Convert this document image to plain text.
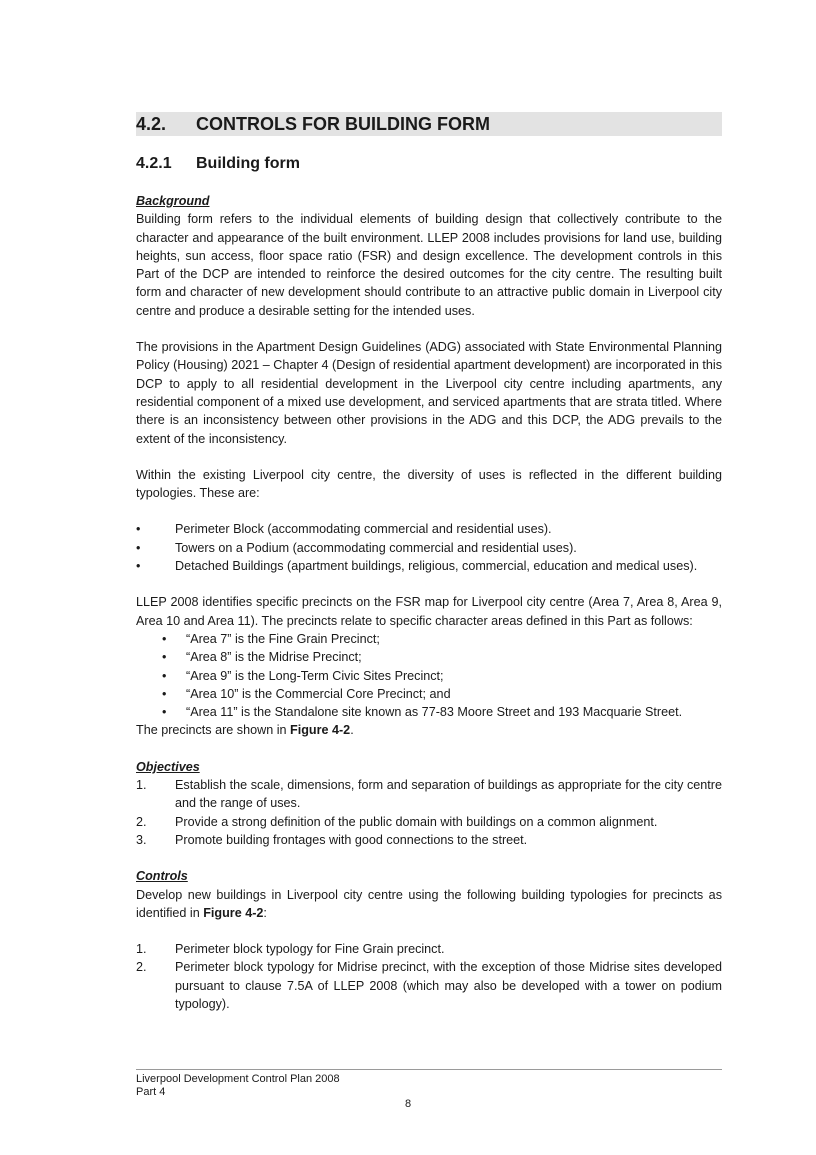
4.2. CONTROLS FOR BUILDING FORM
4.2.1 Building form
Background

Building form refers to the individual elements of building design that collectively contribute to the character and appearance of the built environment. LLEP 2008 includes provisions for land use, building heights, sun access, floor space ratio (FSR) and design excellence. The development controls in this Part of the DCP are intended to reinforce the desired outcomes for the city centre. The resulting built form and character of new development should contribute to an attractive public domain in Liverpool city centre and produce a desirable setting for the intended uses.

The provisions in the Apartment Design Guidelines (ADG) associated with State Environmental Planning Policy (Housing) 2021 – Chapter 4 (Design of residential apartment development) are incorporated in this DCP to apply to all residential development in the Liverpool city centre including apartments, any residential component of a mixed use development, and serviced apartments that are strata titled. Where there is an inconsistency between other provisions in the ADG and this DCP, the ADG prevails to the extent of the inconsistency.

Within the existing Liverpool city centre, the diversity of uses is reflected in the different building typologies. These are:

•	Perimeter Block (accommodating commercial and residential uses).
•	Towers on a Podium (accommodating commercial and residential uses).
•	Detached Buildings (apartment buildings, religious, commercial, education and medical uses).

LLEP 2008 identifies specific precincts on the FSR map for Liverpool city centre (Area 7, Area 8, Area 9, Area 10 and Area 11). The precincts relate to specific character areas defined in this Part as follows:

• “Area 7” is the Fine Grain Precinct;
• “Area 8” is the Midrise Precinct;
• “Area 9” is the Long-Term Civic Sites Precinct;
• “Area 10” is the Commercial Core Precinct; and
• “Area 11” is the Standalone site known as 77-83 Moore Street and 193 Macquarie Street.

The precincts are shown in Figure 4-2.

Objectives
1. Establish the scale, dimensions, form and separation of buildings as appropriate for the city centre and the range of uses.
2. Provide a strong definition of the public domain with buildings on a common alignment.
3. Promote building frontages with good connections to the street.
Controls

Develop new buildings in Liverpool city centre using the following building typologies for precincts as identified in Figure 4-2:

1. Perimeter block typology for Fine Grain precinct.
2. Perimeter block typology for Midrise precinct, with the exception of those Midrise sites developed pursuant to clause 7.5A of LLEP 2008 (which may also be developed with a tower on podium typology).
Liverpool Development Control Plan 2008
Part 4
8
